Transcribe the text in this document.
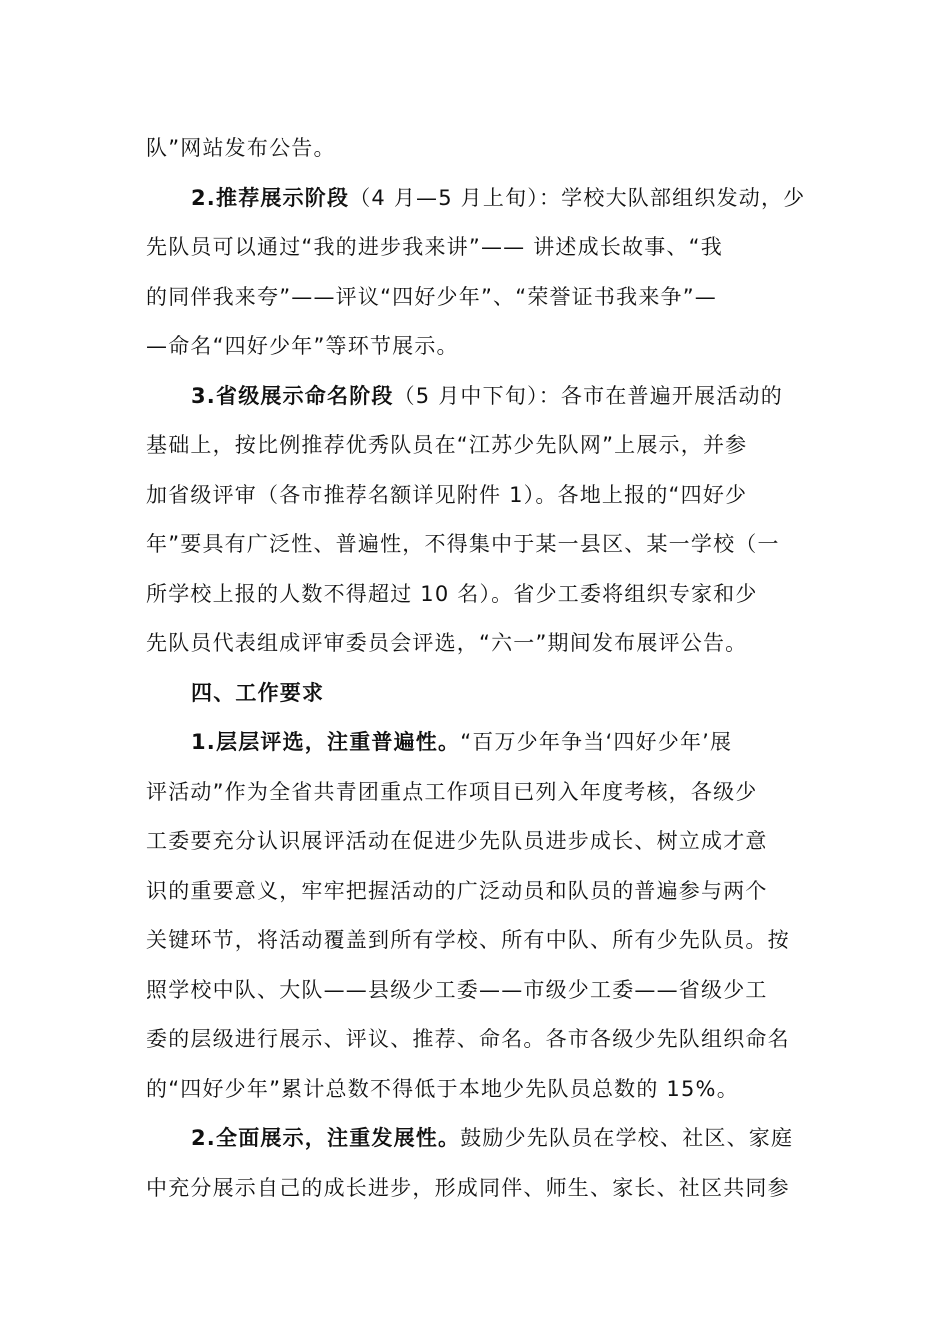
队”网站发布公告。

2.推荐展示阶段（4 月—5 月上旬）：学校大队部组织发动，少
先队员可以通过“我的进步我来讲”—— 讲述成长故事、“我
的同伴我来夸”——评议“四好少年”、“荣誉证书我来争”—
—命名“四好少年”等环节展示。

3.省级展示命名阶段（5 月中下旬）：各市在普遍开展活动的
基础上，按比例推荐优秀队员在“江苏少先队网”上展示，并参
加省级评审（各市推荐名额详见附件 1）。各地上报的“四好少
年”要具有广泛性、普遍性，不得集中于某一县区、某一学校（一
所学校上报的人数不得超过 10 名）。省少工委将组织专家和少
先队员代表组成评审委员会评选，“六一”期间发布展评公告。

四、工作要求

1.层层评选，注重普遍性。“百万少年争当‘四好少年’展
评活动”作为全省共青团重点工作项目已列入年度考核，各级少
工委要充分认识展评活动在促进少先队员进步成长、树立成才意
识的重要意义，牢牢把握活动的广泛动员和队员的普遍参与两个
关键环节，将活动覆盖到所有学校、所有中队、所有少先队员。按
照学校中队、大队——县级少工委——市级少工委——省级少工
委的层级进行展示、评议、推荐、命名。各市各级少先队组织命名
的“四好少年”累计总数不得低于本地少先队员总数的 15%。

2.全面展示，注重发展性。鼓励少先队员在学校、社区、家庭
中充分展示自己的成长进步，形成同伴、师生、家长、社区共同参
